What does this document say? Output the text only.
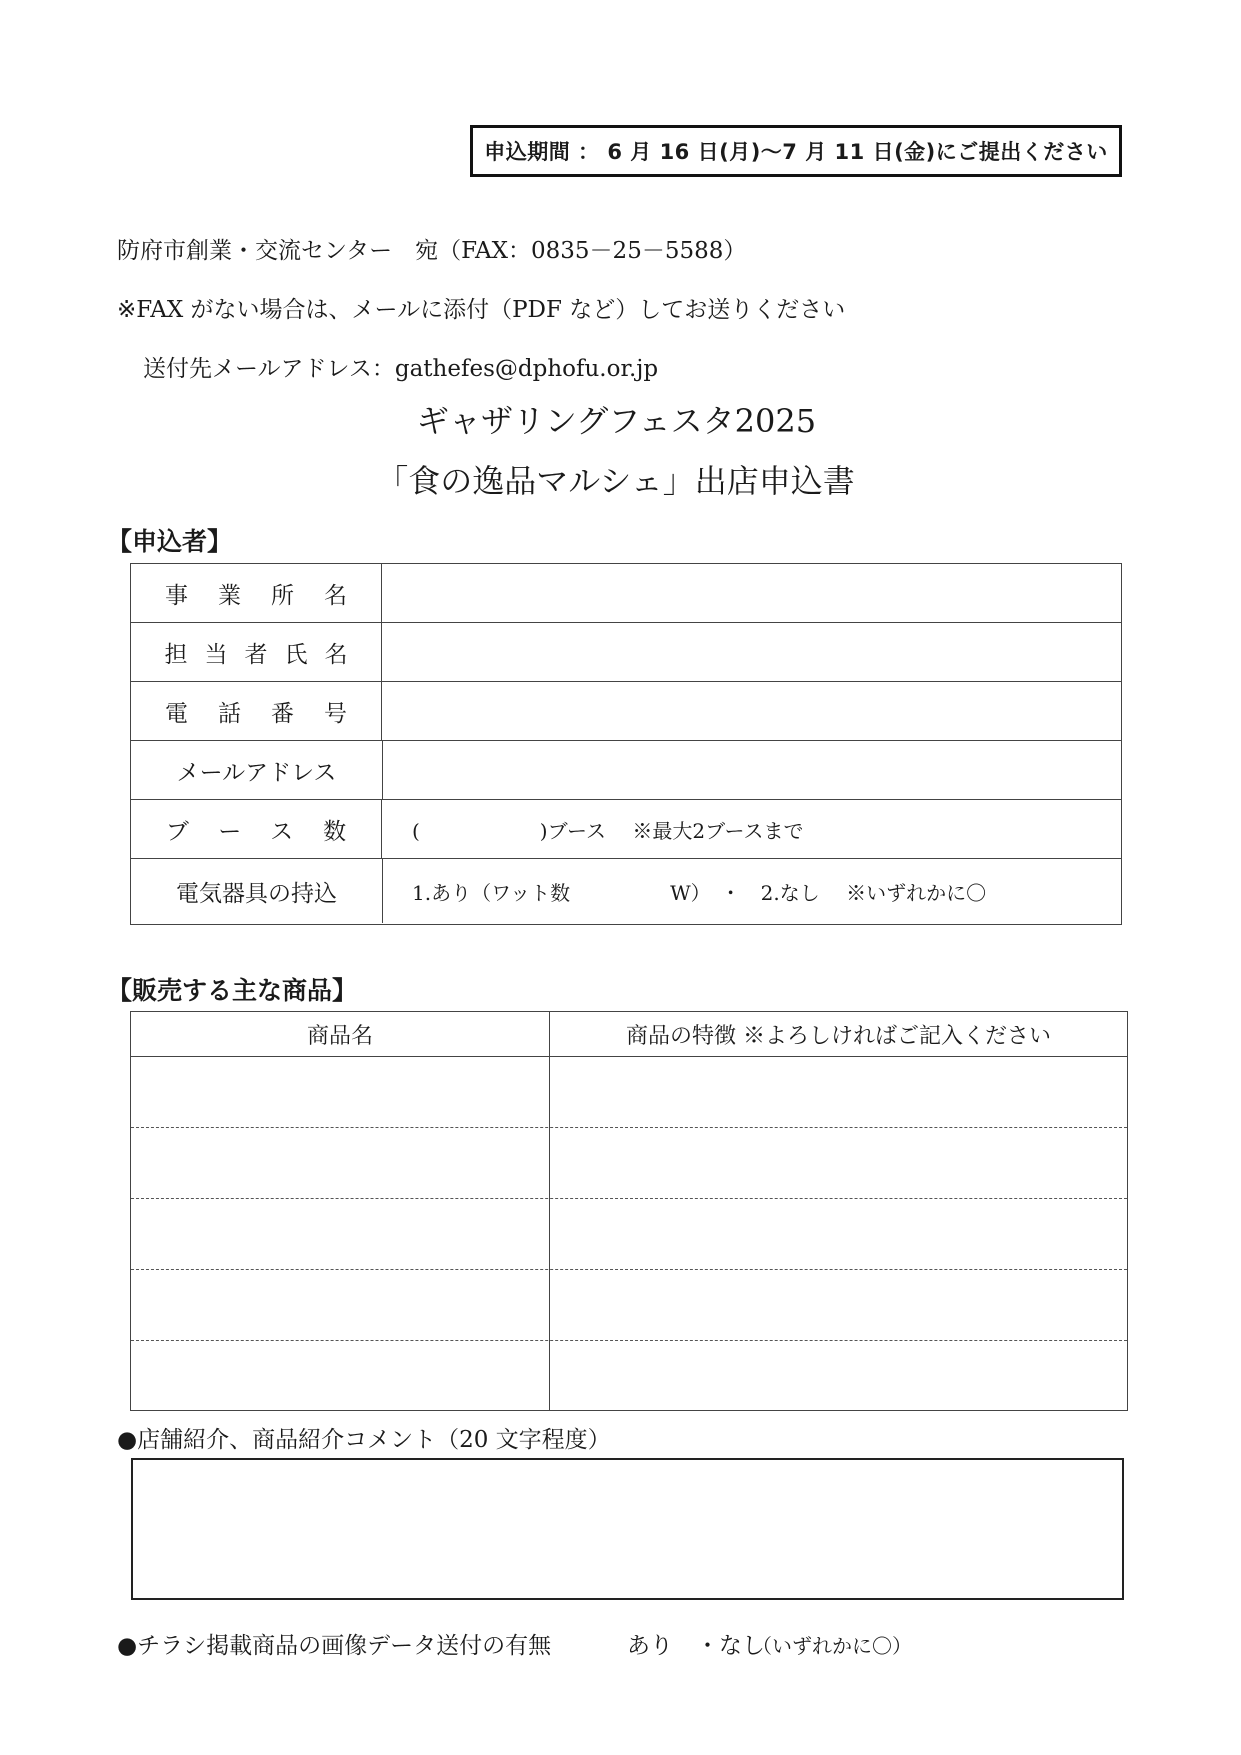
申込期間 ： 6 月 16 日(月)～7 月 11 日(金)にご提出ください
防府市創業・交流センター　宛（FAX：0835－25－5588）
※FAX がない場合は、メールに添付（PDF など）してお送りください
送付先メールアドレス：gathefes@dphofu.or.jp
ギャザリングフェスタ2025
「食の逸品マルシェ」出店申込書
【申込者】
事業所名
担当者氏名
電話番号
メールアドレス
ブース数	(　　　　　　)ブース　 ※最大2ブースまで
電気器具の持込	1.あり（ワット数　　　　　W）　・　2.なし　 ※いずれかに〇
【販売する主な商品】
商品名	商品の特徴 ※よろしければご記入ください
●店舗紹介、商品紹介コメント（20 文字程度）
●チラシ掲載商品の画像データ送付の有無	あり　・なし
（いずれかに〇）
